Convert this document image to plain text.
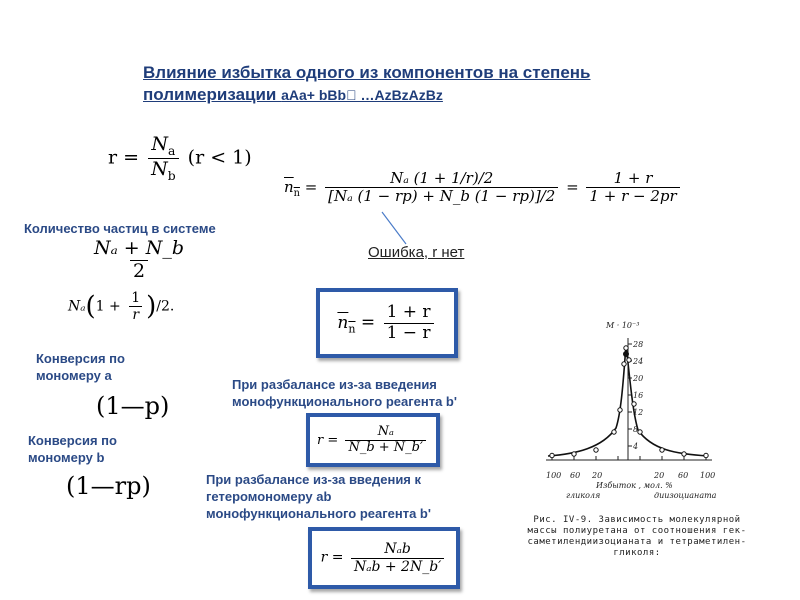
Влияние избытка одного из компонентов на степень
полимеризации aAa+ bBb  …AzBzAzBz
$r = \frac{N_a}{N_b} (r < 1)$
$n_n = \frac{\text{Nₐ (1 + 1/r)/2}}{\text{[Nₐ (1 − rp) + N\_b (1 − rp)]/2}} = \frac{1 + r}{1 + r - 2pr}$
Количество частиц в системе
$\frac{\text{Nₐ + N\_b}}{2}$
$N_a(1 + \frac{1}{r} )/2$.
Ошибка, r нет
$n_n = \frac{1 + r}{1 - r}$
Конверсия по мономеру а
(1—p)
При разбалансе из-за введения монофункционального реагента b'
$r = \frac{\text{Nₐ}}{N\_b + N\_b'}$
Конверсия по мономеру b
(1—rp)	При разбалансе из-за введения к гетеромономеру ab монофункционального реагента b'
$r = \frac{\text{Nₐb}}{\text{Nₐb + 2N\_b′}}$
M · 10⁻³
28
24
20
16
12
8
4
100 60 20	20 60 100
Избыток , мол. %
гликоля	диизоцианата
Рис. IV-9. Зависимость молекулярной
массы полиуретана от соотношения гек-
саметилендиизоцианата и тетраметилен-
гликоля:
